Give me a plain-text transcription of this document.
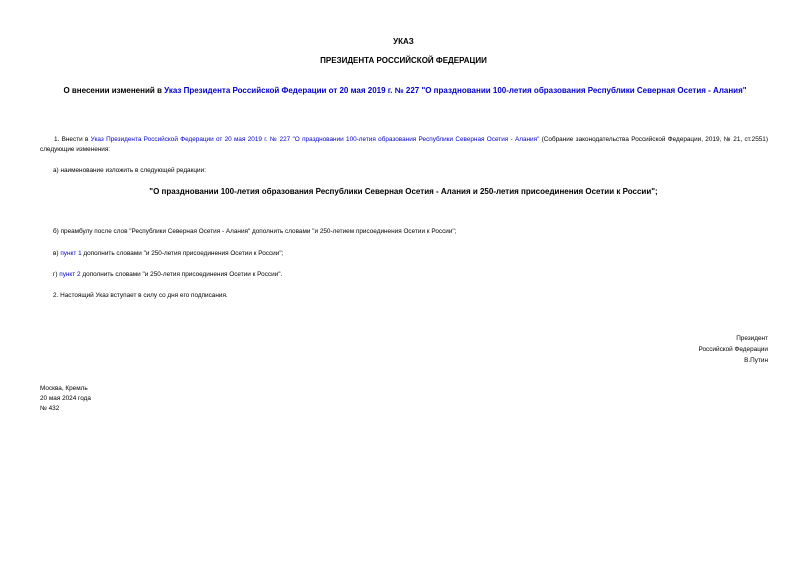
УКАЗ
ПРЕЗИДЕНТА РОССИЙСКОЙ ФЕДЕРАЦИИ
О внесении изменений в Указ Президента Российской Федерации от 20 мая 2019 г. № 227 "О праздновании 100-летия образования Республики Северная Осетия - Алания"
1. Внести в Указ Президента Российской Федерации от 20 мая 2019 г. № 227 "О праздновании 100-летия образования Республики Северная Осетия - Алания" (Собрание законодательства Российской Федерации, 2019, № 21, ст.2551) следующие изменения:
а) наименование изложить в следующей редакции:
"О праздновании 100-летия образования Республики Северная Осетия - Алания и 250-летия присоединения Осетии к России";
б) преамбулу после слов "Республики Северная Осетия - Алания" дополнить словами "и 250-летием присоединения Осетии к России";
в) пункт 1 дополнить словами "и 250-летия присоединения Осетии к России";
г) пункт 2 дополнить словами "и 250-летия присоединения Осетии к России".
2. Настоящий Указ вступает в силу со дня его подписания.
Президент
Российской Федерации
В.Путин
Москва, Кремль
20 мая 2024 года
№ 432
